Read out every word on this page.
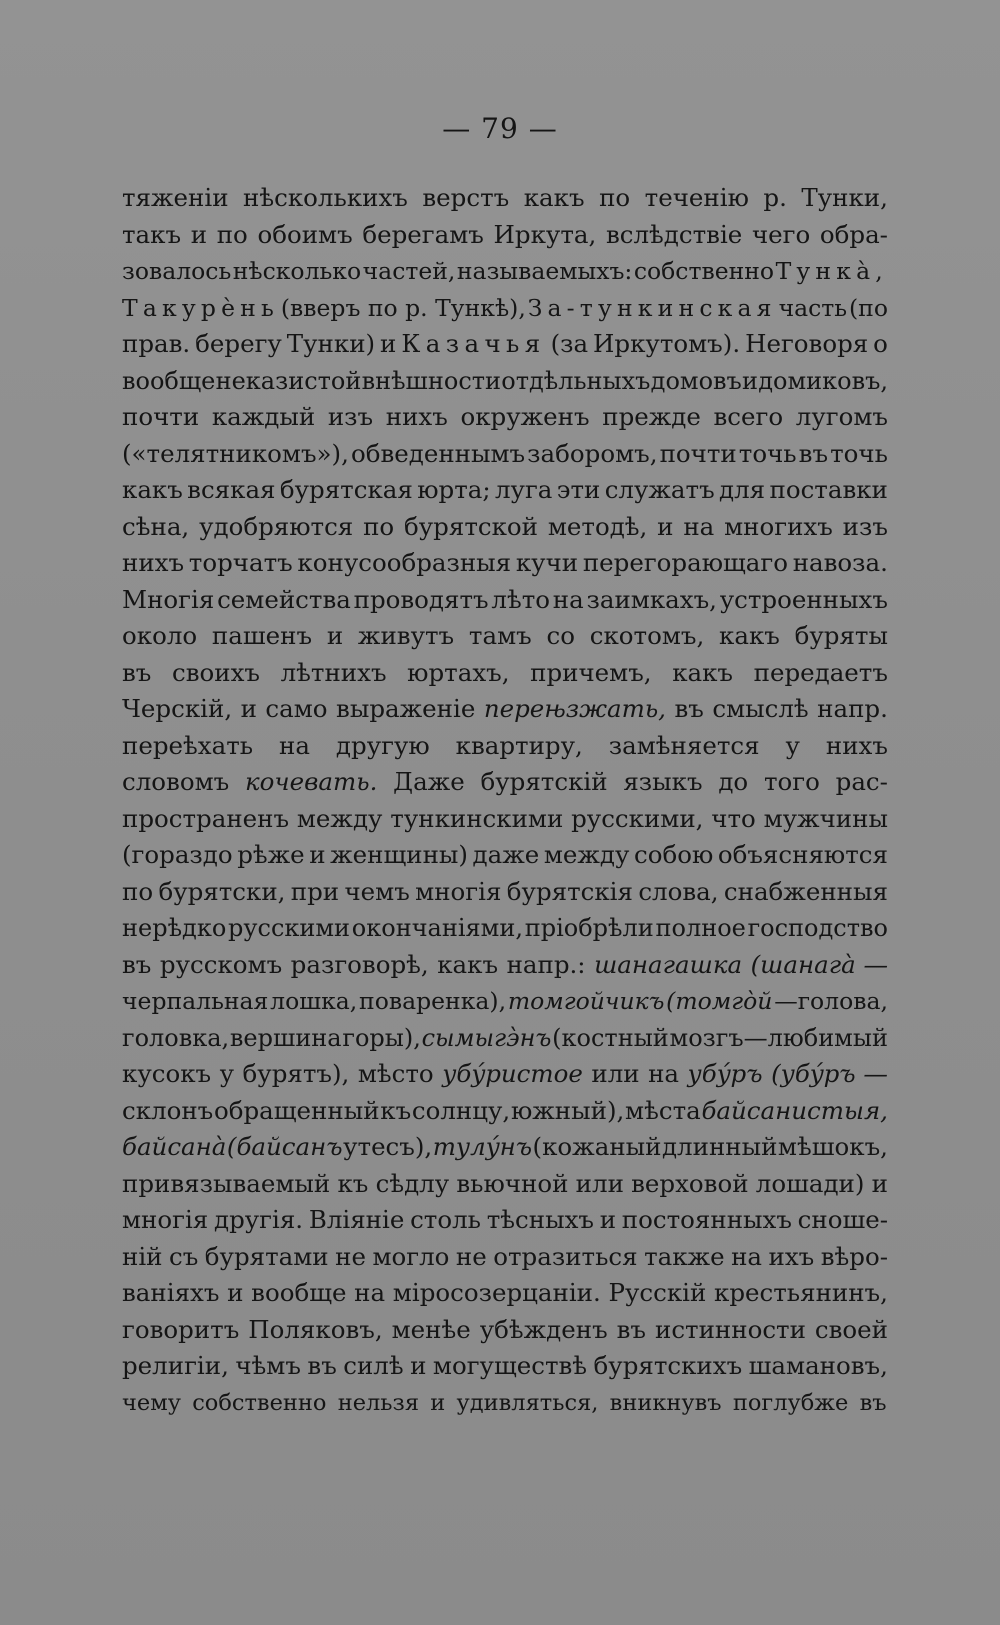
— 79 —
тяженіи нѣсколькихъ верстъ какъ по теченію р. Тунки,
такъ и по обоимъ берегамъ Иркута, вслѣдствіе чего обра-
зовалось нѣсколько частей, называемыхъ: собственно Тункà,
Такурèнь (вверъ по р. Тункѣ), За-тункинская часть (по
прав. берегу Тунки) и Казачья (за Иркутомъ). Неговоря о
вообще неказистой внѣшности отдѣльныхъ домовъ и домиковъ,
почти каждый изъ нихъ окруженъ прежде всего лугомъ
(«телятникомъ»), обведеннымъ заборомъ, почти точь въ точь
какъ всякая бурятская юрта; луга эти служатъ для поставки
сѣна, удобряются по бурятской методѣ, и на многихъ изъ
нихъ торчатъ конусообразныя кучи перегорающаго навоза.
Многія семейства проводятъ лѣто на заимкахъ, устроенныхъ
около пашенъ и живутъ тамъ со скотомъ, какъ буряты
въ своихъ лѣтнихъ юртахъ, причемъ, какъ передаетъ
Черскій, и само выраженіе перењзжать, въ смыслѣ напр.
переѣхать на другую квартиру, замѣняется у нихъ
словомъ кочевать. Даже бурятскій языкъ до того рас-
пространенъ между тункинскими русскими, что мужчины
(гораздо рѣже и женщины) даже между собою объясняются
по бурятски, при чемъ многія бурятскія слова, снабженныя
нерѣдко русскими окончаніями, пріобрѣли полное господство
въ русскомъ разговорѣ, какъ напр.: шанагашка (шанагà —
черпальная лошка, поваренка), томгойчикъ (томгòй —голова,
головка, вершина горы), сымыгэ̀нъ (костный мозгъ—любимый
кусокъ у бурятъ), мѣсто убýристое или на убýръ (убýръ —
склонъ обращенный къ солнцу, южный), мѣста байсанистыя,
байсанà (байсанъ утесъ), тулýнъ (кожаный длинный мѣшокъ,
привязываемый къ сѣдлу вьючной или верховой лошади) и
многія другія. Вліяніе столь тѣсныхъ и постоянныхъ сноше-
ній съ бурятами не могло не отразиться также на ихъ вѣро-
ваніяхъ и вообще на міросозерцаніи. Русскій крестьянинъ,
говоритъ Поляковъ, менѣе убѣжденъ въ истинности своей
религіи, чѣмъ въ силѣ и могуществѣ бурятскихъ шамановъ,
чему собственно нельзя и удивляться, вникнувъ поглубже въ
